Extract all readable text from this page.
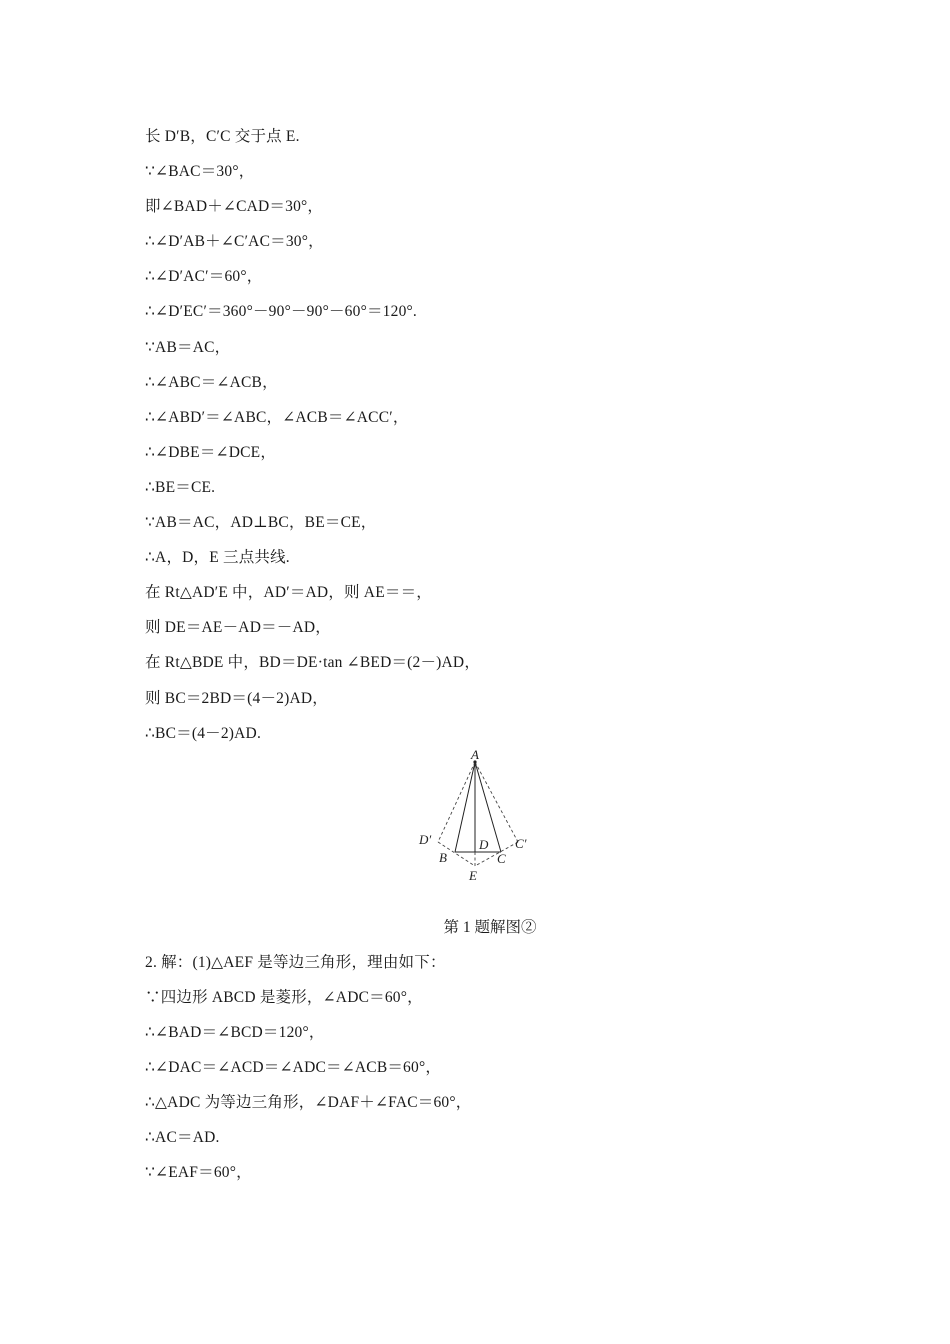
长 D′B，C′C 交于点 E.
∵∠BAC＝30°，
即∠BAD＋∠CAD＝30°，
∴∠D′AB＋∠C′AC＝30°，
∴∠D′AC′＝60°，
∴∠D′EC′＝360°－90°－90°－60°＝120°.
∵AB＝AC，
∴∠ABC＝∠ACB，
∴∠ABD′＝∠ABC，∠ACB＝∠ACC′，
∴∠DBE＝∠DCE，
∴BE＝CE.
∵AB＝AC，AD⊥BC，BE＝CE，
∴A，D，E 三点共线.
在 Rt△AD′E 中，AD′＝AD，则 AE＝＝，
则 DE＝AE－AD＝－AD，
在 Rt△BDE 中，BD＝DE·tan ∠BED＝(2－)AD，
则 BC＝2BD＝(4－2)AD，
∴BC＝(4－2)AD.
A
D′
B
D
C
C′
E
第 1 题解图②
2. 解：(1)△AEF 是等边三角形，理由如下：
∵四边形 ABCD 是菱形，∠ADC＝60°，
∴∠BAD＝∠BCD＝120°，
∴∠DAC＝∠ACD＝∠ADC＝∠ACB＝60°，
∴△ADC 为等边三角形，∠DAF＋∠FAC＝60°，
∴AC＝AD.
∵∠EAF＝60°，
